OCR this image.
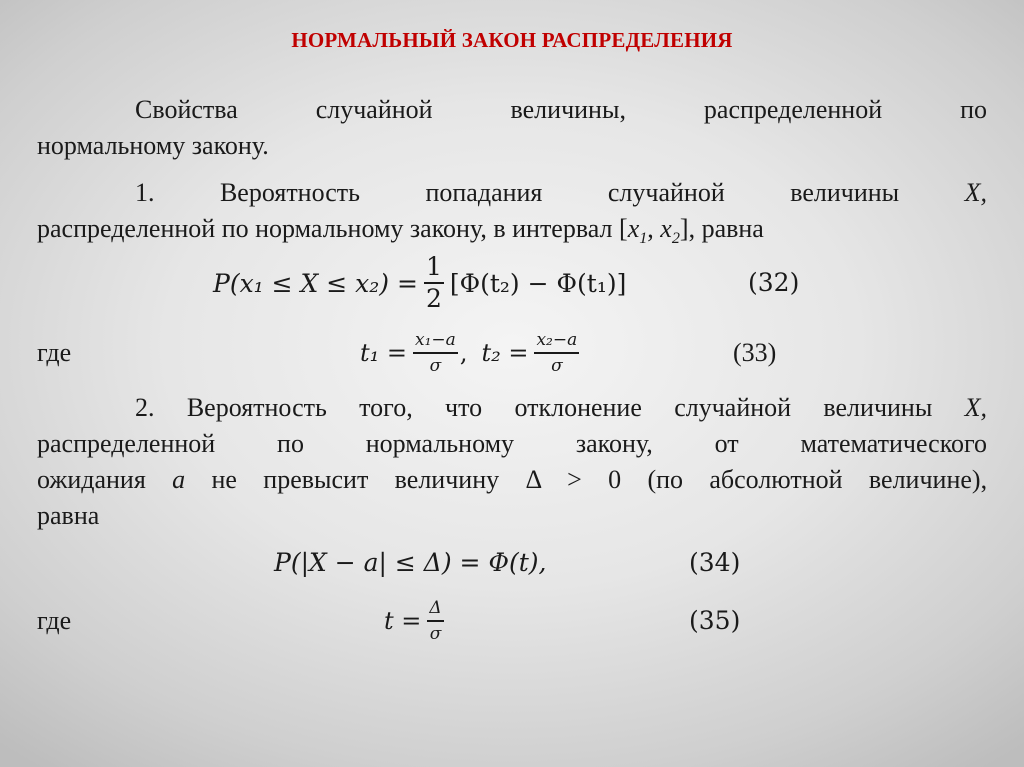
НОРМАЛЬНЫЙ ЗАКОН РАСПРЕДЕЛЕНИЯ
Свойства	случайной	величины,	распределенной	по
нормальному закону.
1.	Вероятность	попадания	случайной	величины	X,
распределенной по нормальному закону, в интервал [$x_1$, $x_2$], равна
$P(x_1 \le X \le x_2) = \frac{1}{2} [\Phi(t_2) - \Phi(t_1)]$	(32)
где	$t_1 = \frac{\text{x₁−a}}{\sigma}$ , $t_2 = \frac{\text{x₂−a}}{\sigma}$	(33)
2. Вероятность того, что отклонение случайной величины X,
распределенной по нормальному закону, от математического
ожидания a не превысит величину Δ > 0 (по абсолютной величине),
равна
P(|X − a| ≤ Δ) = Φ(t),	(34)
где	$t = \frac{\Delta}{\sigma}$	(35)
